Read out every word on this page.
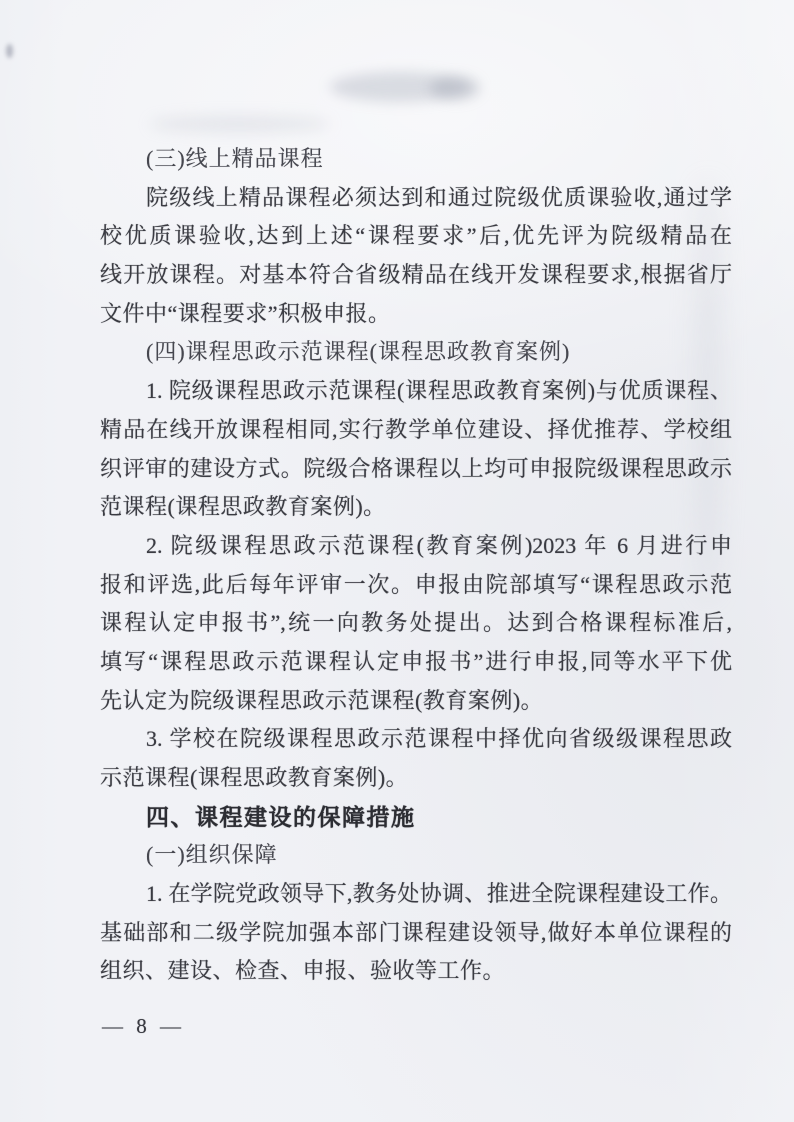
(三)线上精品课程
院级线上精品课程必须达到和通过院级优质课验收,通过学
校优质课验收,达到上述“课程要求”后,优先评为院级精品在
线开放课程。对基本符合省级精品在线开发课程要求,根据省厅
文件中“课程要求”积极申报。
(四)课程思政示范课程(课程思政教育案例)
1. 院级课程思政示范课程(课程思政教育案例)与优质课程、
精品在线开放课程相同,实行教学单位建设、择优推荐、学校组
织评审的建设方式。院级合格课程以上均可申报院级课程思政示
范课程(课程思政教育案例)。
2. 院级课程思政示范课程(教育案例)2023 年 6 月进行申
报和评选,此后每年评审一次。申报由院部填写“课程思政示范
课程认定申报书”,统一向教务处提出。达到合格课程标准后,
填写“课程思政示范课程认定申报书”进行申报,同等水平下优
先认定为院级课程思政示范课程(教育案例)。
3. 学校在院级课程思政示范课程中择优向省级级课程思政
示范课程(课程思政教育案例)。
四、课程建设的保障措施
(一)组织保障
1. 在学院党政领导下,教务处协调、推进全院课程建设工作。
基础部和二级学院加强本部门课程建设领导,做好本单位课程的
组织、建设、检查、申报、验收等工作。
— 8 —
